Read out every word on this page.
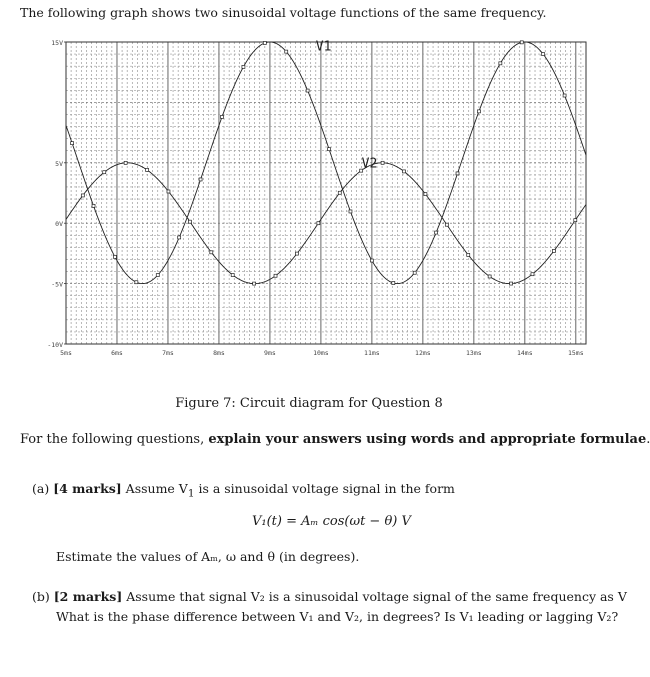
The following graph shows two sinusoidal voltage functions of the same frequency.
15V
5V
0V
-5V
-10V
5ms	6ms	7ms	8ms	9ms	10ms	11ms	12ms	13ms	14ms	15ms
V1
V2
Figure 7: Circuit diagram for Question 8
For the following questions, explain your answers using words and appropriate formulae.
(a) [4 marks] Assume $V_1$ is a sinusoidal voltage signal in the form
V₁(t) = Aₘ cos(ωt − θ) V
Estimate the values of Aₘ, ω and θ (in degrees).
(b) [2 marks] Assume that signal V₂ is a sinusoidal voltage signal of the same frequency as V
What is the phase difference between V₁ and V₂, in degrees? Is V₁ leading or lagging V₂?
